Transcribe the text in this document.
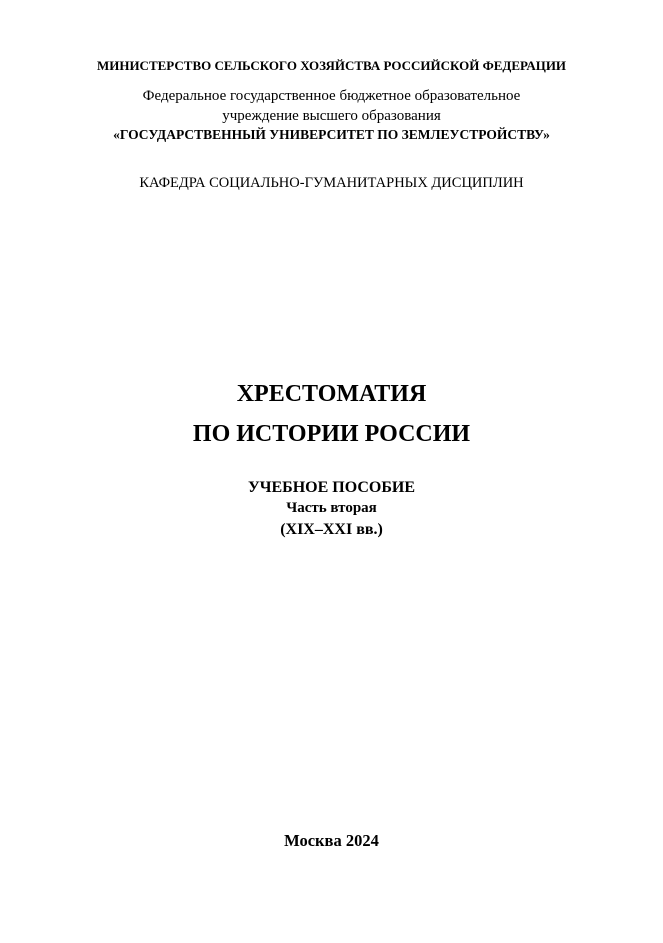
МИНИСТЕРСТВО СЕЛЬСКОГО ХОЗЯЙСТВА РОССИЙСКОЙ ФЕДЕРАЦИИ
Федеральное государственное бюджетное образовательное
учреждение высшего образования
«ГОСУДАРСТВЕННЫЙ УНИВЕРСИТЕТ ПО ЗЕМЛЕУСТРОЙСТВУ»
КАФЕДРА СОЦИАЛЬНО-ГУМАНИТАРНЫХ ДИСЦИПЛИН
ХРЕСТОМАТИЯ
ПО ИСТОРИИ РОССИИ
УЧЕБНОЕ ПОСОБИЕ
Часть вторая
(XIX–XXI вв.)
Москва 2024
